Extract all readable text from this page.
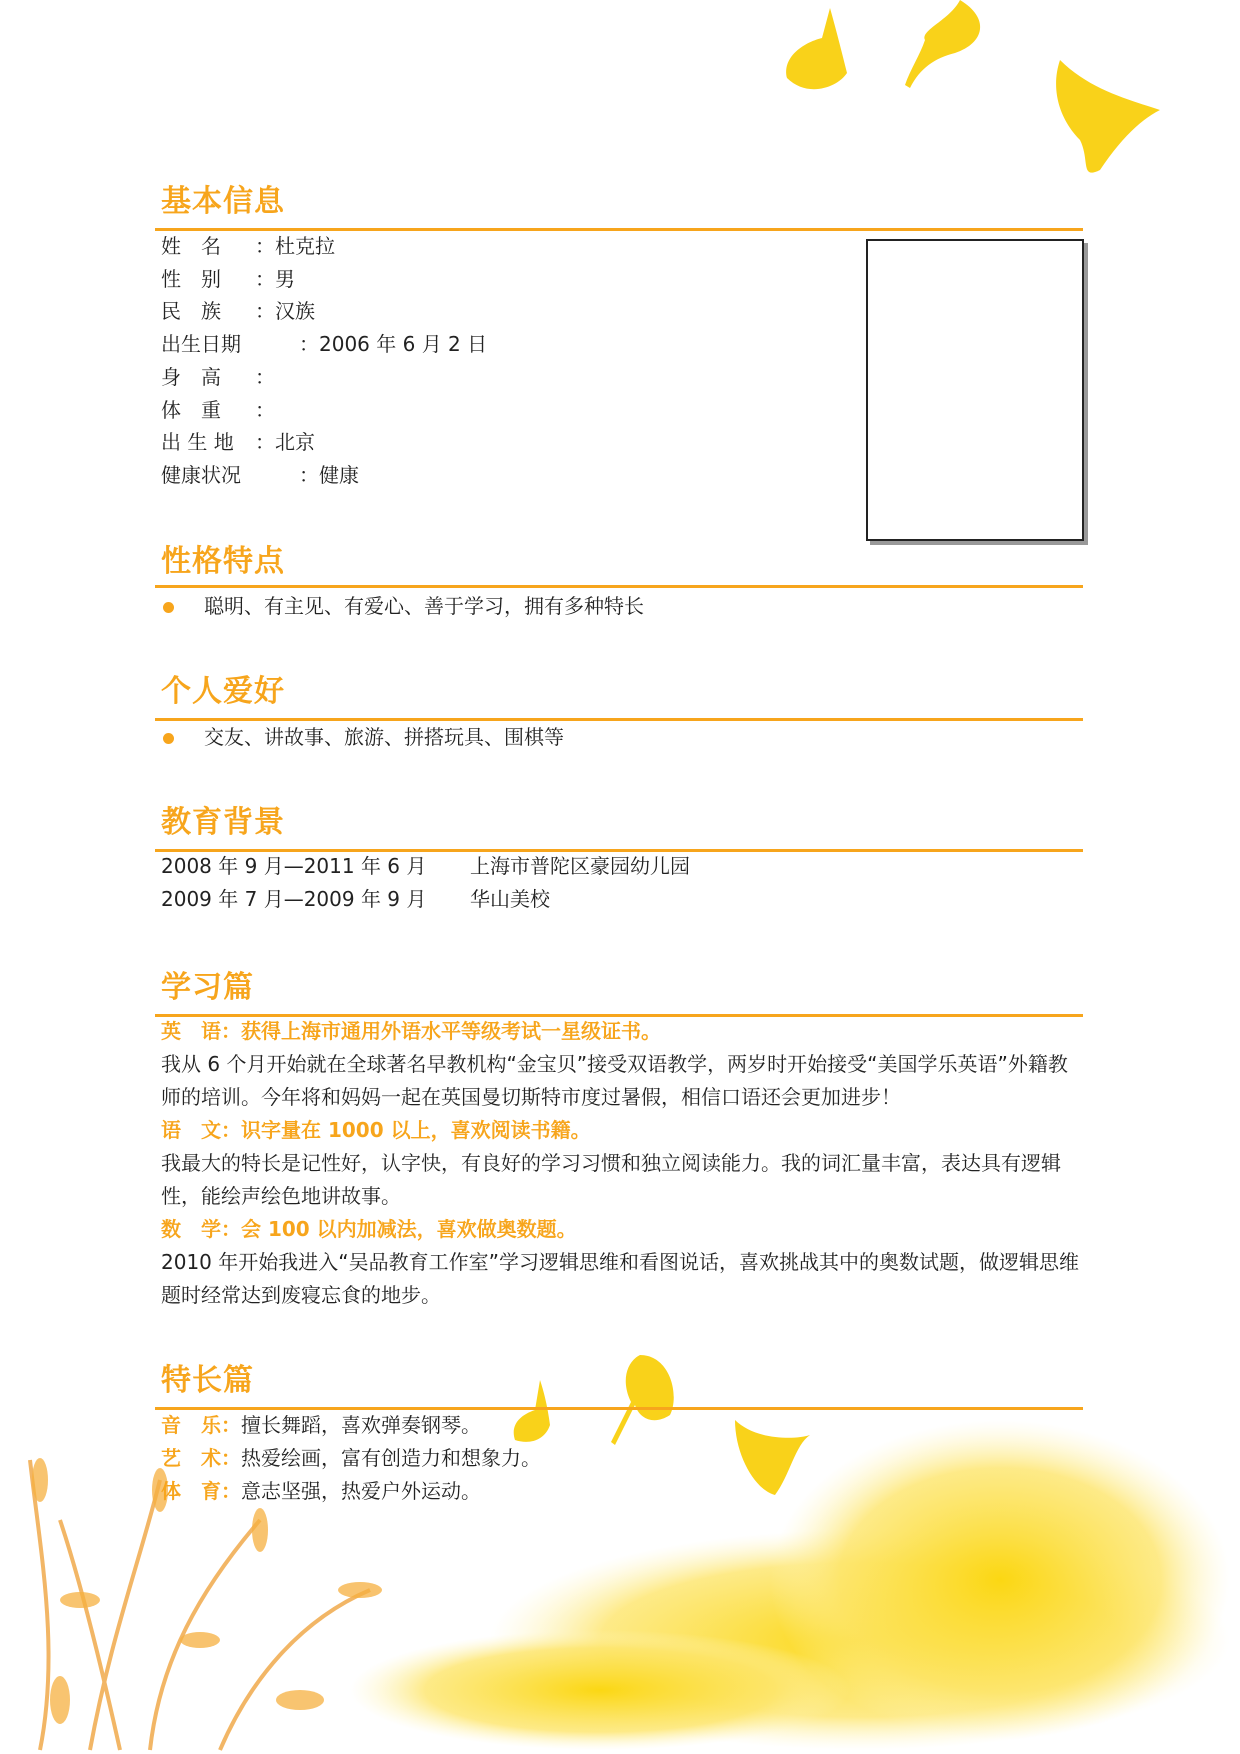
基本信息
姓　名 ：杜克拉
性　别 ：男
民　族 ：汉族
出生日期	：2006 年 6 月 2 日
身　高 ：
体　重 ：
出 生 地 ：北京
健康状况	：健康
性格特点
聪明、有主见、有爱心、善于学习，拥有多种特长
个人爱好
交友、讲故事、旅游、拼搭玩具、围棋等
教育背景
2008 年 9 月—2011 年 6 月 上海市普陀区豪园幼儿园
2009 年 7 月—2009 年 9 月 华山美校
学习篇
英　语：获得上海市通用外语水平等级考试一星级证书。
我从 6 个月开始就在全球著名早教机构“金宝贝”接受双语教学，两岁时开始接受“美国学乐英语”外籍教师的培训。今年将和妈妈一起在英国曼切斯特市度过暑假，相信口语还会更加进步！
语　文：识字量在 1000 以上，喜欢阅读书籍。
我最大的特长是记性好，认字快，有良好的学习习惯和独立阅读能力。我的词汇量丰富，表达具有逻辑性，能绘声绘色地讲故事。
数　学：会 100 以内加减法，喜欢做奥数题。
2010 年开始我进入“吴品教育工作室”学习逻辑思维和看图说话，喜欢挑战其中的奥数试题，做逻辑思维题时经常达到废寝忘食的地步。
特长篇
音　乐：擅长舞蹈，喜欢弹奏钢琴。
艺　术：热爱绘画，富有创造力和想象力。
体　育：意志坚强，热爱户外运动。
